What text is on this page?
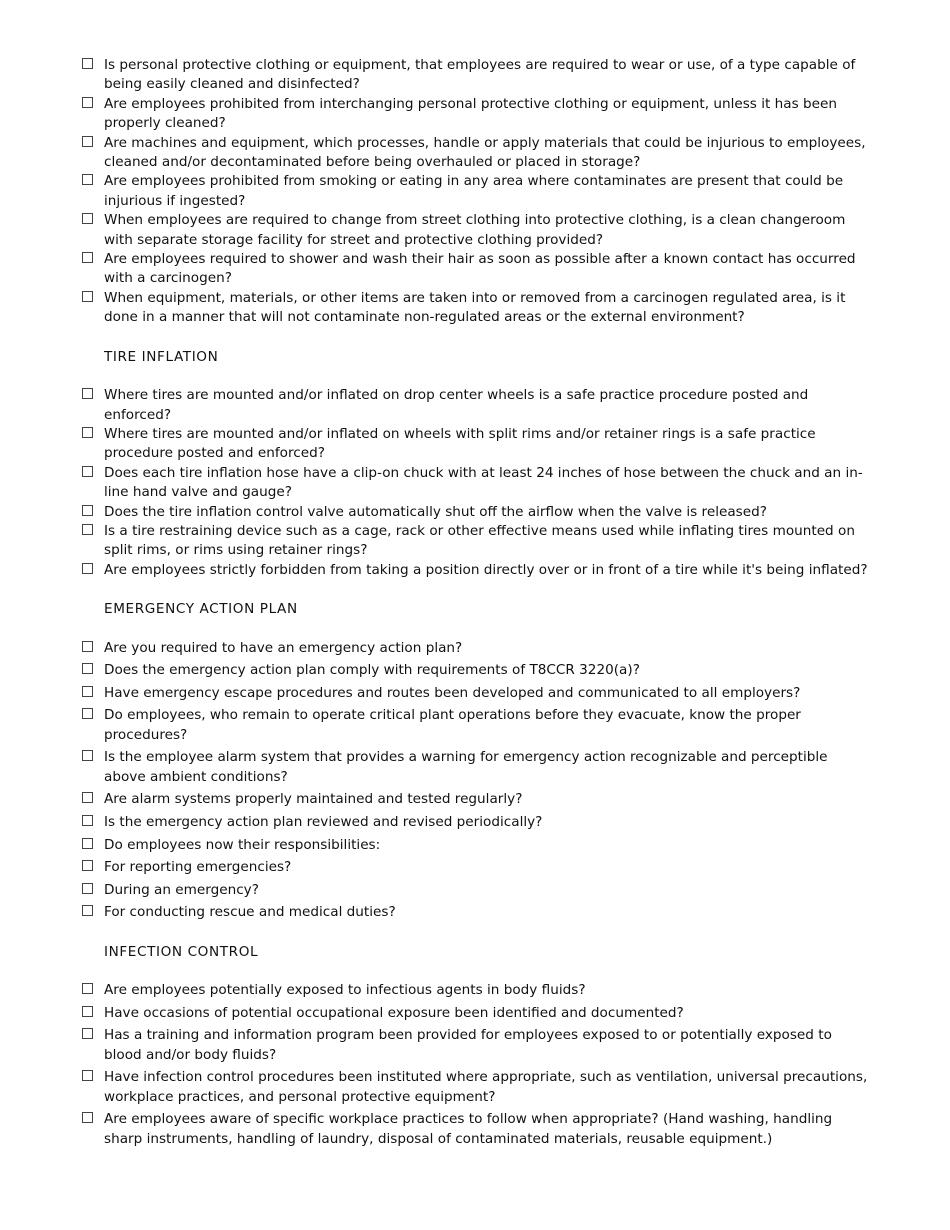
Is personal protective clothing or equipment, that employees are required to wear or use, of a type capable of being easily cleaned and disinfected?
Are employees prohibited from interchanging personal protective clothing or equipment, unless it has been properly cleaned?
Are machines and equipment, which processes, handle or apply materials that could be injurious to employees, cleaned and/or decontaminated before being overhauled or placed in storage?
Are employees prohibited from smoking or eating in any area where contaminates are present that could be injurious if ingested?
When employees are required to change from street clothing into protective clothing, is a clean changeroom with separate storage facility for street and protective clothing provided?
Are employees required to shower and wash their hair as soon as possible after a known contact has occurred with a carcinogen?
When equipment, materials, or other items are taken into or removed from a carcinogen regulated area, is it done in a manner that will not contaminate non-regulated areas or the external environment?
TIRE INFLATION
Where tires are mounted and/or inflated on drop center wheels is a safe practice procedure posted and enforced?
Where tires are mounted and/or inflated on wheels with split rims and/or retainer rings is a safe practice procedure posted and enforced?
Does each tire inflation hose have a clip-on chuck with at least 24 inches of hose between the chuck and an in-line hand valve and gauge?
Does the tire inflation control valve automatically shut off the airflow when the valve is released?
Is a tire restraining device such as a cage, rack or other effective means used while inflating tires mounted on split rims, or rims using retainer rings?
Are employees strictly forbidden from taking a position directly over or in front of a tire while it's being inflated?
EMERGENCY ACTION PLAN
Are you required to have an emergency action plan?
Does the emergency action plan comply with requirements of T8CCR 3220(a)?
Have emergency escape procedures and routes been developed and communicated to all employers?
Do employees, who remain to operate critical plant operations before they evacuate, know the proper procedures?
Is the employee alarm system that provides a warning for emergency action recognizable and perceptible above ambient conditions?
Are alarm systems properly maintained and tested regularly?
Is the emergency action plan reviewed and revised periodically?
Do employees now their responsibilities:
For reporting emergencies?
During an emergency?
For conducting rescue and medical duties?
INFECTION CONTROL
Are employees potentially exposed to infectious agents in body fluids?
Have occasions of potential occupational exposure been identified and documented?
Has a training and information program been provided for employees exposed to or potentially exposed to blood and/or body fluids?
Have infection control procedures been instituted where appropriate, such as ventilation, universal precautions, workplace practices, and personal protective equipment?
Are employees aware of specific workplace practices to follow when appropriate? (Hand washing, handling sharp instruments, handling of laundry, disposal of contaminated materials, reusable equipment.)
